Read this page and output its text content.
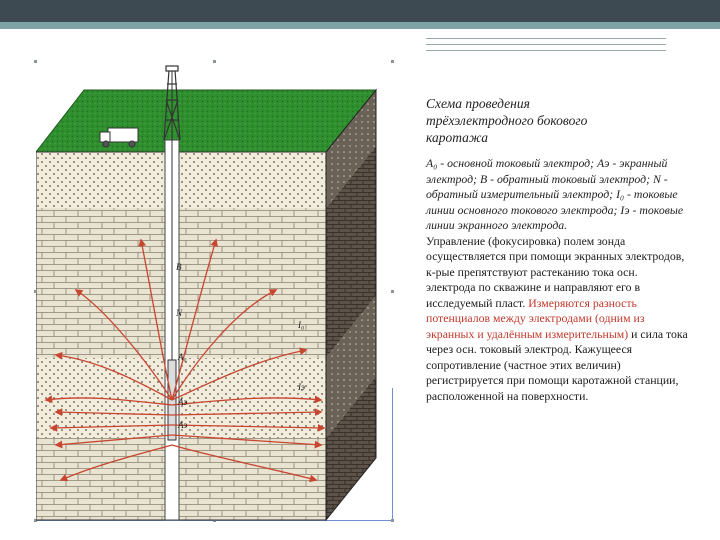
B
N
A₀
Aэ
Aэ
I₀
Iэ

Схема проведения
трёхэлектродного бокового
каротажа

A₀ - основной токовый электрод; Aэ - экранный электрод; B - обратный токовый электрод; N - обратный измерительный электрод; I₀ - токовые линии основного токового электрода; Iэ - токовые линии экранного электрода.

Управление (фокусировка) полем зонда осуществляется при помощи экранных электродов, к-рые препятствуют растеканию тока осн. электрода по скважине и направляют его в исследуемый пласт. Измеряются разность потенциалов между электродами (одним из экранных и удалённым измерительным) и сила тока через осн. токовый электрод. Кажущееся сопротивление (частное этих величин) регистрируется при помощи каротажной станции, расположенной на поверхности.
